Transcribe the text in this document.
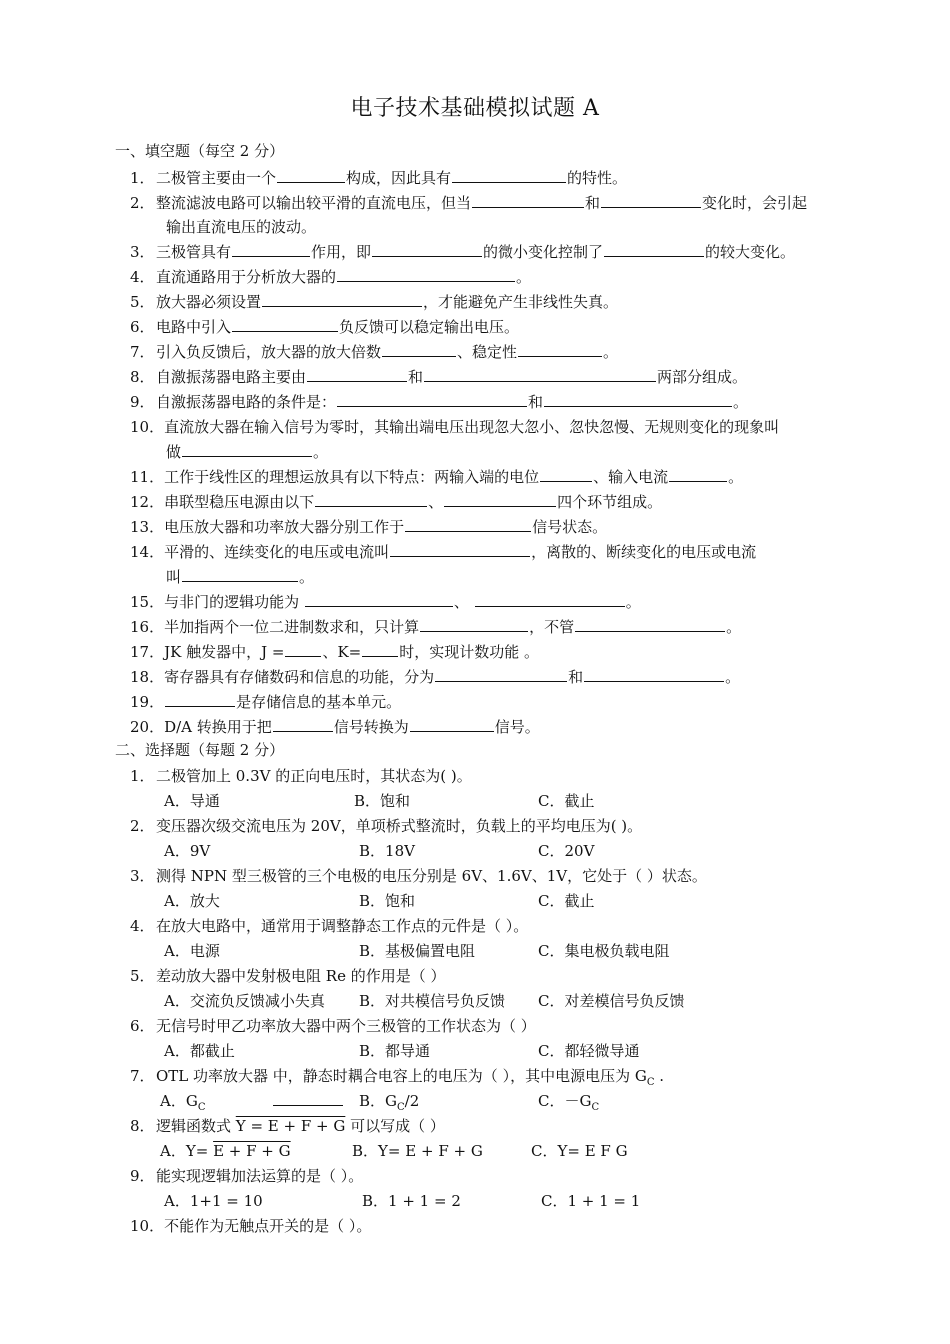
电子技术基础模拟试题 A
一、填空题（每空 2 分）
1．二极管主要由一个	构成，因此具有	的特性。
2．整流滤波电路可以输出较平滑的直流电压，但当	和	变化时，会引起
输出直流电压的波动。
3．三极管具有	作用，即	的微小变化控制了	的较大变化。
4．直流通路用于分析放大器的	。
5．放大器必须设置	，才能避免产生非线性失真。
6．电路中引入	负反馈可以稳定输出电压。
7．引入负反馈后，放大器的放大倍数	、稳定性	。
8．自激振荡器电路主要由	和	两部分组成。
9．自激振荡器电路的条件是：	和	。
10．直流放大器在输入信号为零时，其输出端电压出现忽大忽小、忽快忽慢、无规则变化的现象叫
做	。
11．工作于线性区的理想运放具有以下特点：两输入端的电位	、输入电流	。
12．串联型稳压电源由以下	、	四个环节组成。
13．电压放大器和功率放大器分别工作于	信号状态。
14．平滑的、连续变化的电压或电流叫	，离散的、断续变化的电压或电流
叫	。
15．与非门的逻辑功能为	、	。
16．半加指两个一位二进制数求和，只计算	，不管	。
17．JK 触发器中，J =	、K=	时，实现计数功能 。
18．寄存器具有存储数码和信息的功能，分为	和	。
19．	是存储信息的基本单元。
20．D/A 转换用于把	信号转换为	信号。
二、选择题（每题 2 分）
1．二极管加上 0.3V 的正向电压时，其状态为( )。
A．导通	B．饱和	C．截止
2．变压器次级交流电压为 20V，单项桥式整流时，负载上的平均电压为( )。
A．9V	B．18V	C．20V
3．测得 NPN 型三极管的三个电极的电压分别是 6V、1.6V、1V，它处于（ ）状态。
A．放大	B．饱和	C．截止
4．在放大电路中，通常用于调整静态工作点的元件是（ ）。
A．电源	B．基极偏置电阻	C．集电极负载电阻
5．差动放大器中发射极电阻 Re 的作用是（ ）
A．交流负反馈减小失真 B．对共模信号负反馈 C．对差模信号负反馈
6．无信号时甲乙功率放大器中两个三极管的工作状态为（ ）
A．都截止	B．都导通	C．都轻微导通
7．OTL 功率放大器 中，静态时耦合电容上的电压为（ ），其中电源电压为 $G_C$ .
A．$G_C$	B．$G_C/2$	C．$-G_C$
8．逻辑函数式 Y = E + F + G 可以写成（ ）
A．Y= E + F + G	B．Y= E + F + G	C．Y= E F G
9．能实现逻辑加法运算的是（ ）。
A．1+1 = 10	B．1 + 1 = 2	C．1 + 1 = 1
10．不能作为无触点开关的是（ ）。
